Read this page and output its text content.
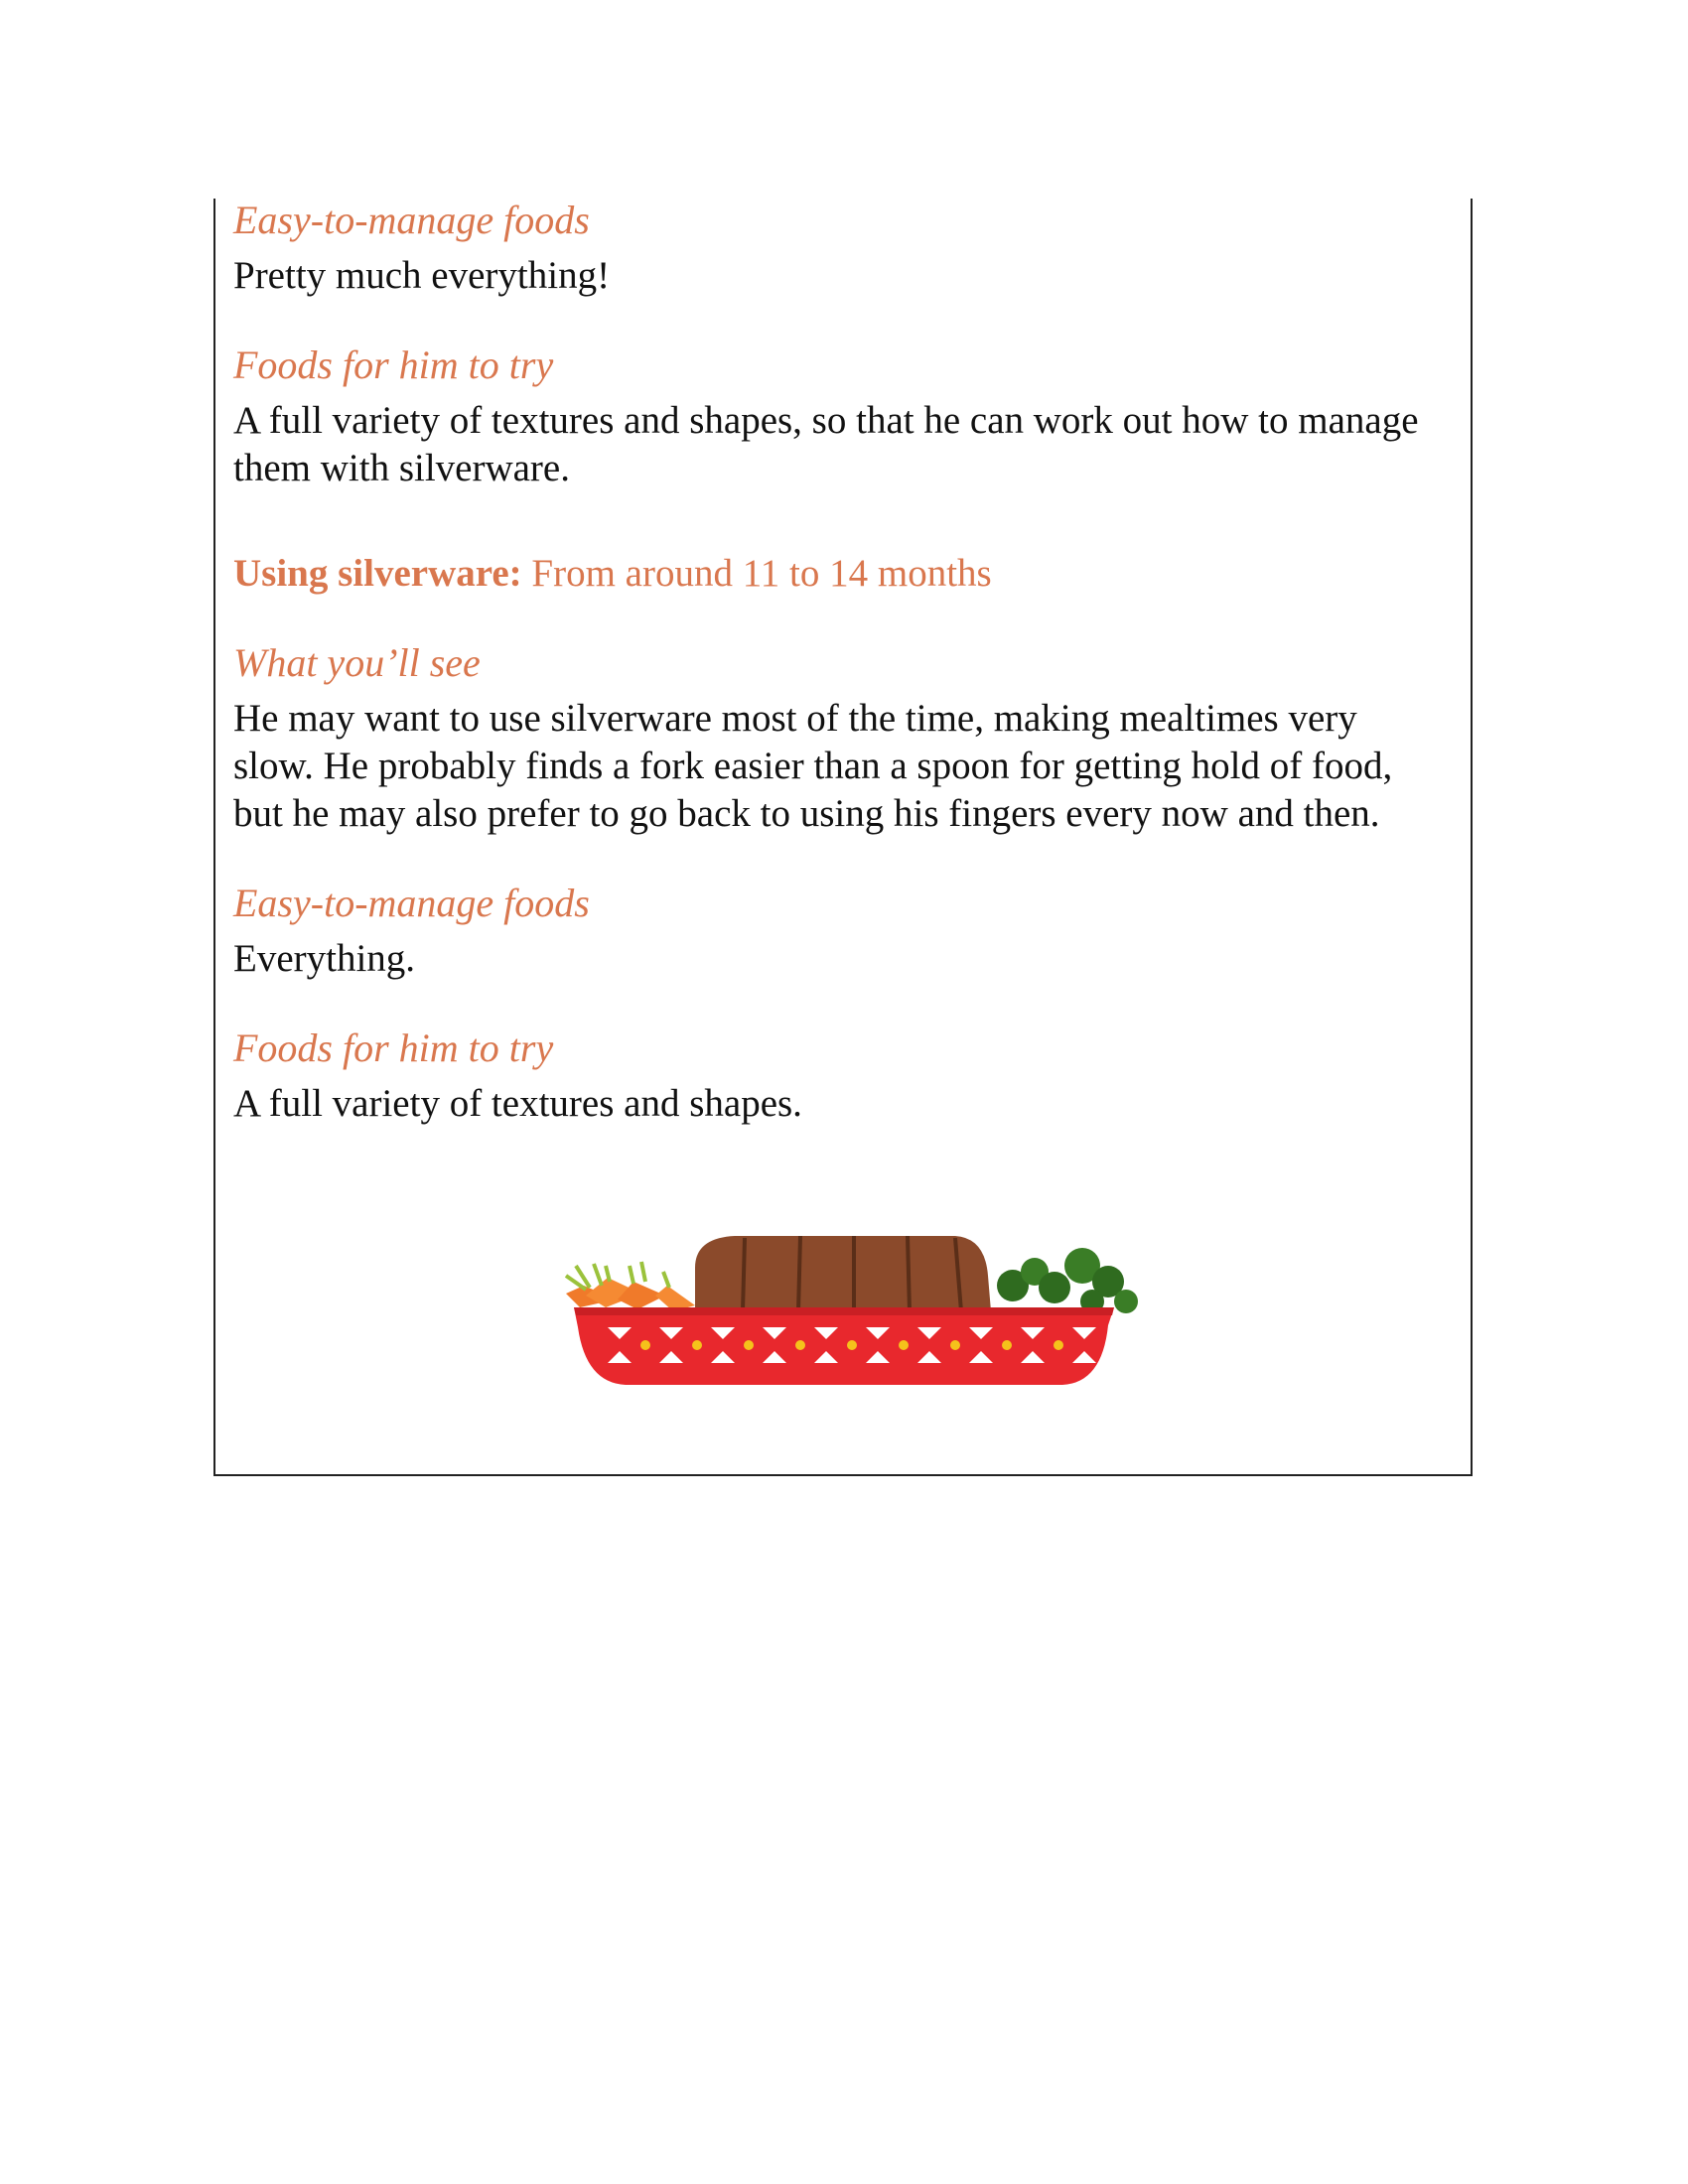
Easy-to-manage foods

Pretty much everything!

Foods for him to try

A full variety of textures and shapes, so that he can work out how to manage them with silverware.

Using silverware: From around 11 to 14 months

What you’ll see

He may want to use silverware most of the time, making mealtimes very slow. He probably finds a fork easier than a spoon for getting hold of food, but he may also prefer to go back to using his fingers every now and then.

Easy-to-manage foods

Everything.

Foods for him to try

A full variety of textures and shapes.
